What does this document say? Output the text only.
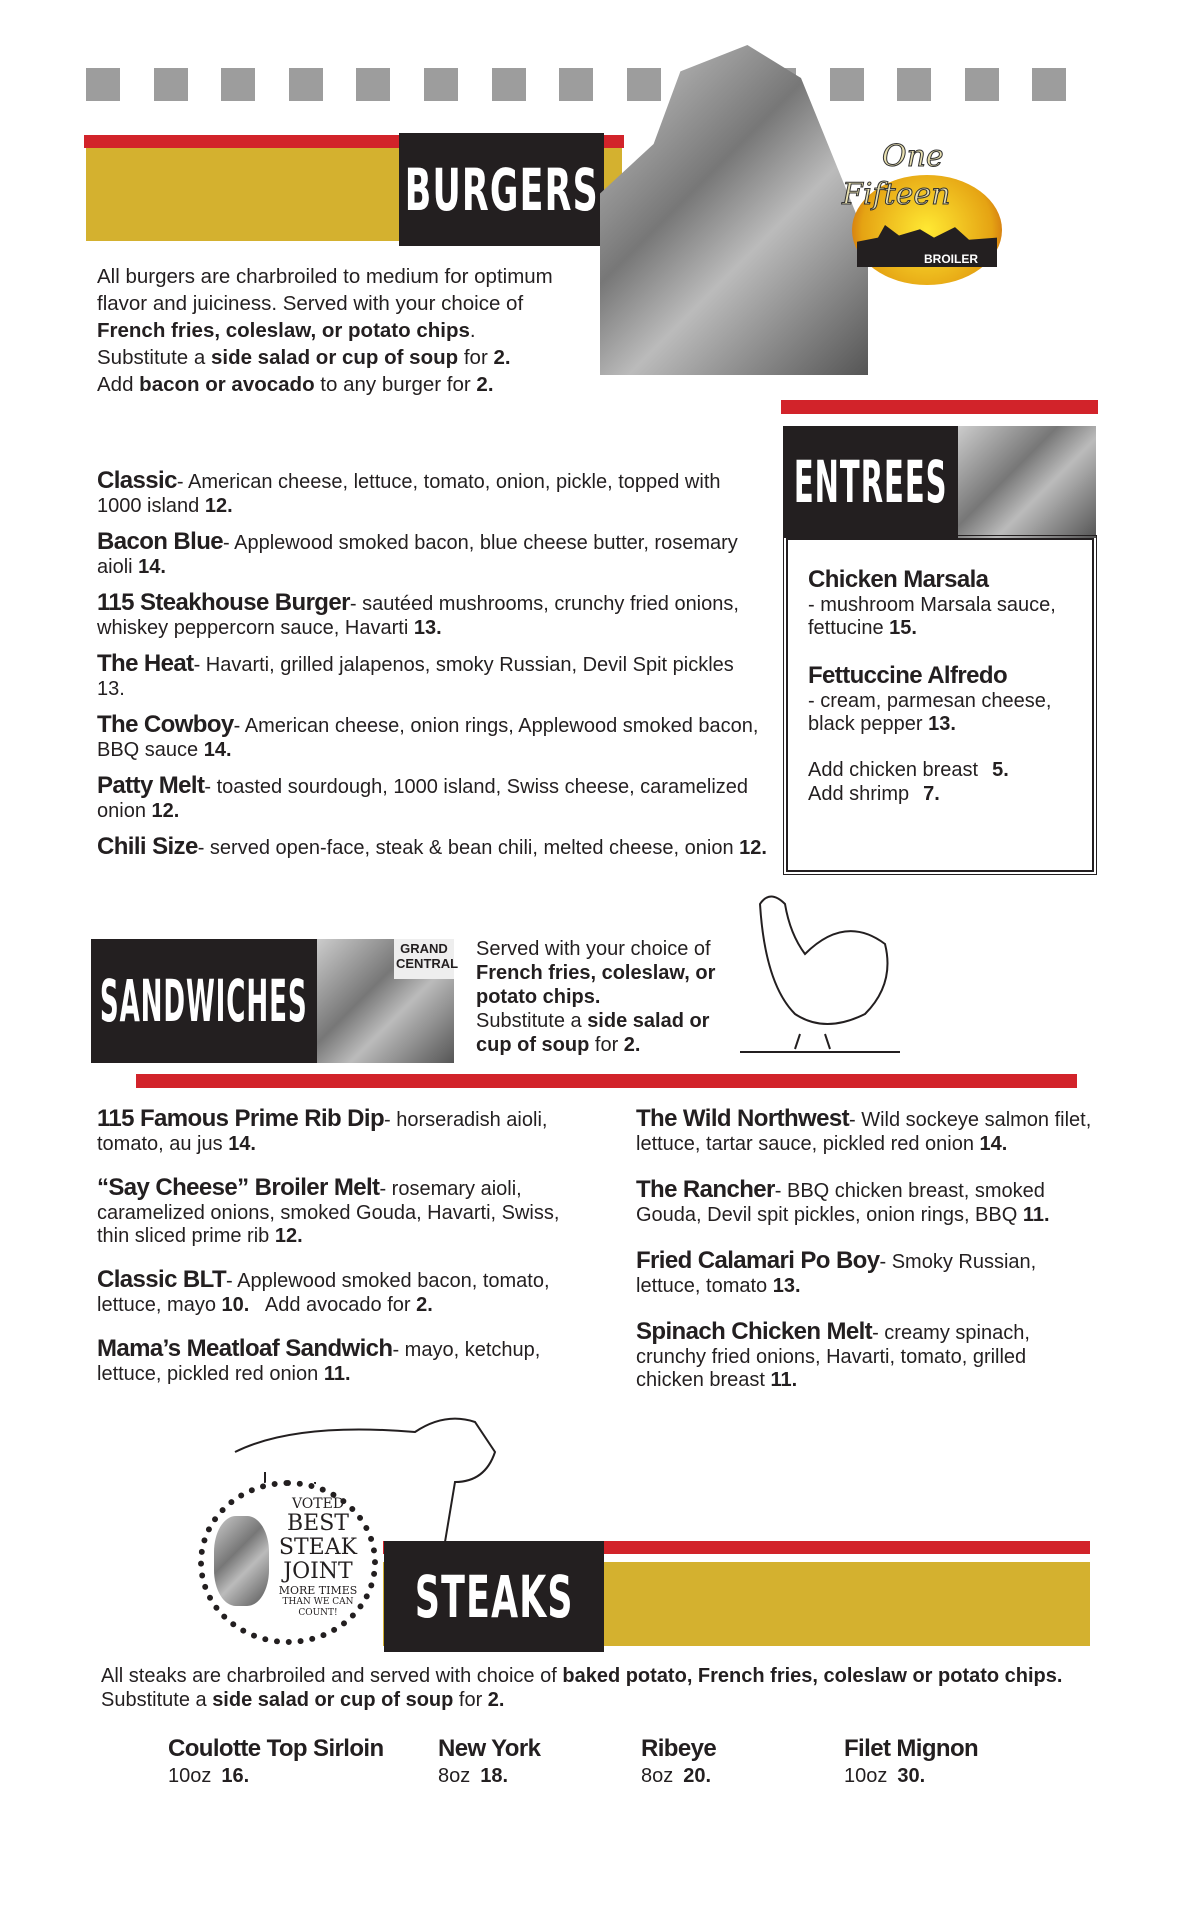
BURGERS	One
Fifteen
BROILER
All burgers are charbroiled to medium for optimum
flavor and juiciness. Served with your choice of
French fries, coleslaw, or potato chips.
Substitute a side salad or cup of soup for 2.
Add bacon or avocado to any burger for 2.
Classic- American cheese, lettuce, tomato, onion, pickle, topped with 1000 island 12.
Bacon Blue- Applewood smoked bacon, blue cheese butter, rosemary aioli 14.
115 Steakhouse Burger- sautéed mushrooms, crunchy fried onions, whiskey peppercorn sauce, Havarti 13.
The Heat- Havarti, grilled jalapenos, smoky Russian, Devil Spit pickles 13.
The Cowboy- American cheese, onion rings, Applewood smoked bacon, BBQ sauce 14.
Patty Melt- toasted sourdough, 1000 island, Swiss cheese, caramelized onion 12.
Chili Size- served open-face, steak & bean chili, melted cheese, onion 12.
ENTREES
Chicken Marsala
- mushroom Marsala sauce, fettucine 15.
Fettuccine Alfredo
- cream, parmesan cheese, black pepper 13.
Add chicken breast 5.
Add shrimp 7.
SANDWICHES
GRAND CENTRAL
Served with your choice of
French fries, coleslaw, or potato chips.
Substitute a side salad or cup of soup for 2.
115 Famous Prime Rib Dip- horseradish aioli, tomato, au jus 14.
“Say Cheese” Broiler Melt- rosemary aioli, caramelized onions, smoked Gouda, Havarti, Swiss, thin sliced prime rib 12.
Classic BLT- Applewood smoked bacon, tomato, lettuce, mayo 10.   Add avocado for 2.
Mama’s Meatloaf Sandwich- mayo, ketchup, lettuce, pickled red onion 11.
The Wild Northwest- Wild sockeye salmon filet, lettuce, tartar sauce, pickled red onion 14.
The Rancher- BBQ chicken breast, smoked Gouda, Devil spit pickles, onion rings, BBQ 11.
Fried Calamari Po Boy- Smoky Russian, lettuce, tomato 13.
Spinach Chicken Melt- creamy spinach, crunchy fried onions, Havarti, tomato, grilled chicken breast 11.
VOTED
BEST
STEAK
JOINT
MORE TIMES
THAN WE CAN
COUNT!	STEAKS
All steaks are charbroiled and served with choice of baked potato, French fries, coleslaw or potato chips. Substitute a side salad or cup of soup for 2.
Coulotte Top Sirloin
10oz 16.
New York
8oz 18.
Ribeye
8oz 20.
Filet Mignon
10oz 30.
